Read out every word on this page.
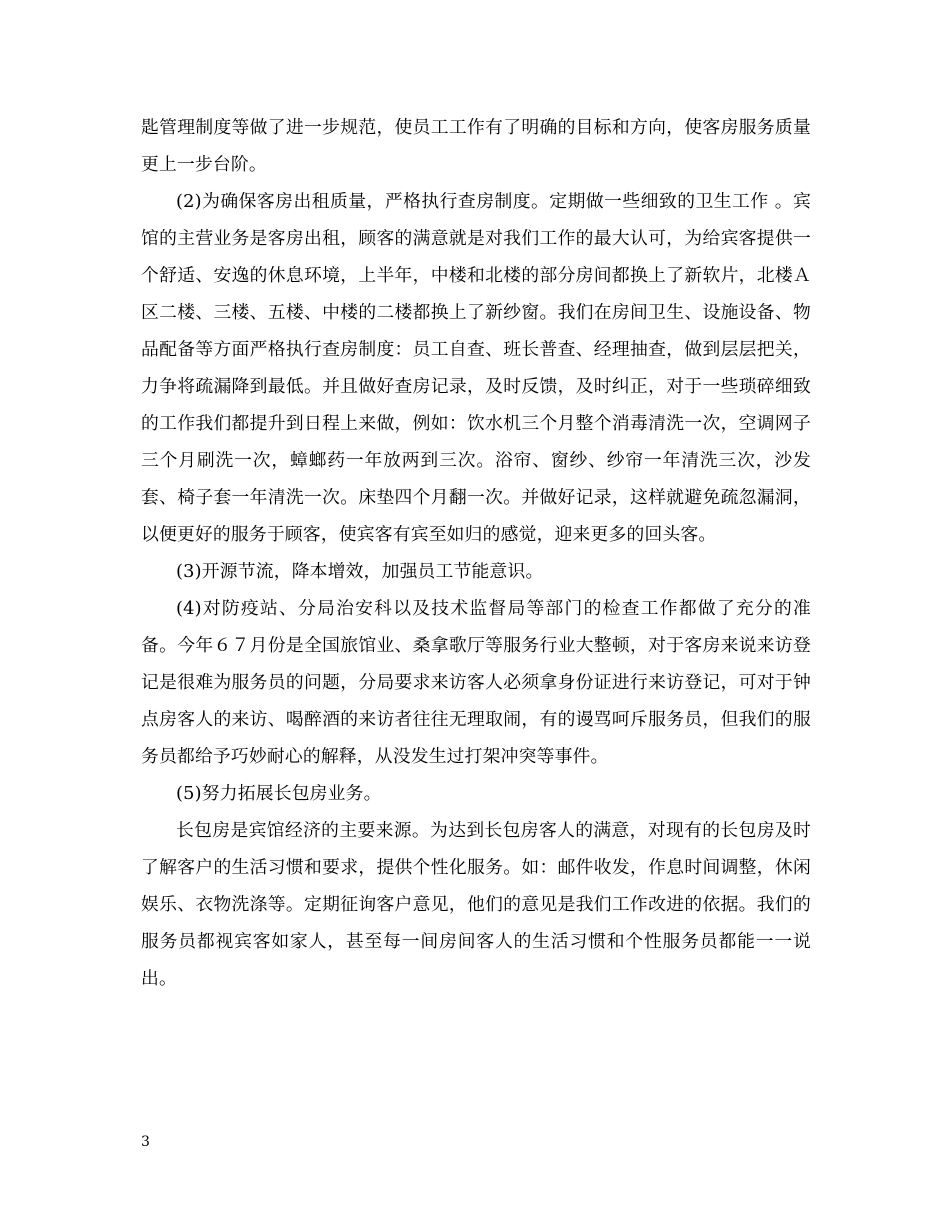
匙管理制度等做了进一步规范，使员工工作有了明确的目标和方向，使客房服务质量更上一步台阶。

(2)为确保客房出租质量，严格执行查房制度。定期做一些细致的卫生工作 。宾馆的主营业务是客房出租，顾客的满意就是对我们工作的最大认可，为给宾客提供一个舒适、安逸的休息环境，上半年，中楼和北楼的部分房间都换上了新软片，北楼Ａ区二楼、三楼、五楼、中楼的二楼都换上了新纱窗。我们在房间卫生、设施设备、物品配备等方面严格执行查房制度：员工自查、班长普查、经理抽查，做到层层把关，力争将疏漏降到最低。并且做好查房记录，及时反馈，及时纠正，对于一些琐碎细致的工作我们都提升到日程上来做，例如：饮水机三个月整个消毒清洗一次，空调网子三个月刷洗一次，蟑螂药一年放两到三次。浴帘、窗纱、纱帘一年清洗三次，沙发套、椅子套一年清洗一次。床垫四个月翻一次。并做好记录，这样就避免疏忽漏洞，以便更好的服务于顾客，使宾客有宾至如归的感觉，迎来更多的回头客。

(3)开源节流，降本增效，加强员工节能意识。

(4)对防疫站、分局治安科以及技术监督局等部门的检查工作都做了充分的准备。今年６７月份是全国旅馆业、桑拿歌厅等服务行业大整顿，对于客房来说来访登记是很难为服务员的问题，分局要求来访客人必须拿身份证进行来访登记，可对于钟点房客人的来访、喝醉酒的来访者往往无理取闹，有的谩骂呵斥服务员，但我们的服务员都给予巧妙耐心的解释，从没发生过打架冲突等事件。

(5)努力拓展长包房业务。

长包房是宾馆经济的主要来源。为达到长包房客人的满意，对现有的长包房及时了解客户的生活习惯和要求，提供个性化服务。如：邮件收发，作息时间调整，休闲娱乐、衣物洗涤等。定期征询客户意见，他们的意见是我们工作改进的依据。我们的服务员都视宾客如家人，甚至每一间房间客人的生活习惯和个性服务员都能一一说出。

3
